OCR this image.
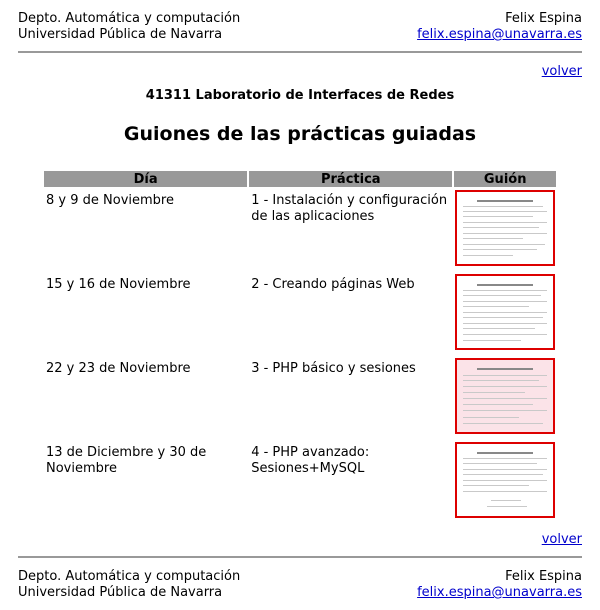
Depto. Automática y computación
Universidad Pública de Navarra
Felix Espina
felix.espina@unavarra.es
volver
41311 Laboratorio de Interfaces de Redes
Guiones de las prácticas guiadas
Día	Práctica	Guión
8 y 9 de Noviembre	1 - Instalación y configuración de las aplicaciones	

15 y 16 de Noviembre	2 - Creando páginas Web	

22 y 23 de Noviembre	3 - PHP básico y sesiones	

13 de Diciembre y 30 de Noviembre	4 - PHP avanzado: Sesiones+MySQL	
volver
Depto. Automática y computación
Universidad Pública de Navarra
Felix Espina
felix.espina@unavarra.es
